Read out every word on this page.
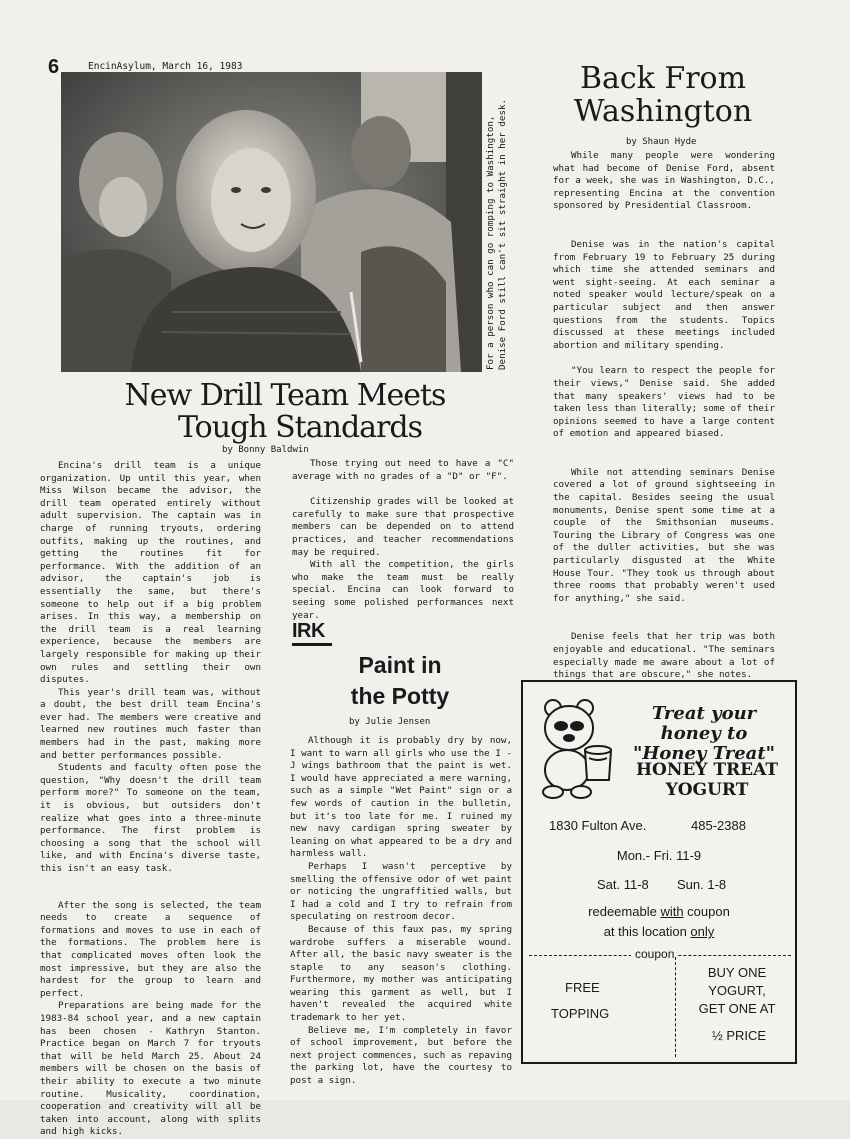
6	EncinAsylum, March 16, 1983
For a person who can go romping to Washington, Denise Ford still can't sit straight in her desk.
New Drill Team Meets
Tough Standards
by Bonny Baldwin

Encina's drill team is a unique organization. Up until this year, when Miss Wilson became the advisor, the drill team operated entirely without adult supervision. The captain was in charge of running tryouts, ordering outfits, making up the routines, and getting the routines fit for performance. With the addition of an advisor, the captain's job is essentially the same, but there's someone to help out if a big problem arises. In this way, a membership on the drill team is a real learning experience, because the members are largely responsible for making up their own rules and settling their own disputes.

This year's drill team was, without a doubt, the best drill team Encina's ever had. The members were creative and learned new routines much faster than members had in the past, making more and better performances possible.

Students and faculty often pose the question, "Why doesn't the drill team perform more?" To someone on the team, it is obvious, but outsiders don't realize what goes into a three-minute performance. The first problem is choosing a song that the school will like, and with Encina's diverse taste, this isn't an easy task.

After the song is selected, the team needs to create a sequence of formations and moves to use in each of the formations. The problem here is that complicated moves often look the most impressive, but they are also the hardest for the group to learn and perfect.

Preparations are being made for the 1983-84 school year, and a new captain has been chosen - Kathryn Stanton. Practice began on March 7 for tryouts that will be held March 25. About 24 members will be chosen on the basis of their ability to execute a two minute routine. Musicality, coordination, cooperation and creativity will all be taken into account, along with splits and high kicks.

Those trying out need to have a "C" average with no grades of a "D" or "F".

Citizenship grades will be looked at carefully to make sure that prospective members can be depended on to attend practices, and teacher recommendations may be required.

With all the competition, the girls who make the team must be really special. Encina can look forward to seeing some polished performances next year.

IRK
Paint in
the Potty
by Julie Jensen

Although it is probably dry by now, I want to warn all girls who use the I - J wings bathroom that the paint is wet. I would have appreciated a mere warning, such as a simple "Wet Paint" sign or a few words of caution in the bulletin, but it's too late for me. I ruined my new navy cardigan spring sweater by leaning on what appeared to be a dry and harmless wall.

Perhaps I wasn't perceptive by smelling the offensive odor of wet paint or noticing the ungraffitied walls, but I had a cold and I try to refrain from speculating on restroom decor.

Because of this faux pas, my spring wardrobe suffers a miserable wound. After all, the basic navy sweater is the staple to any season's clothing. Furthermore, my mother was anticipating wearing this garment as well, but I haven't revealed the acquired white trademark to her yet.

Believe me, I'm completely in favor of school improvement, but before the next project commences, such as repaving the parking lot, have the courtesy to post a sign.

Back From
Washington
by Shaun Hyde

While many people were wondering what had become of Denise Ford, absent for a week, she was in Washington, D.C., representing Encina at the convention sponsored by Presidential Classroom.

Denise was in the nation's capital from February 19 to February 25 during which time she attended seminars and went sight-seeing. At each seminar a noted speaker would lecture/speak on a particular subject and then answer questions from the students. Topics discussed at these meetings included abortion and military spending.

"You learn to respect the people for their views," Denise said. She added that many speakers' views had to be taken less than literally; some of their opinions seemed to have a large content of emotion and appeared biased.

While not attending seminars Denise covered a lot of ground sightseeing in the capital. Besides seeing the usual monuments, Denise spent some time at a couple of the Smithsonian museums. Touring the Library of Congress was one of the duller activities, but she was particularly disgusted at the White House Tour. "They took us through about three rooms that probably weren't used for anything," she said.

Denise feels that her trip was both enjoyable and educational. "The seminars especially made me aware about a lot of things that are obscure," she notes.

Treat your honey to
"Honey Treat"
HONEY TREAT
YOGURT
1830 Fulton Ave.	485-2388
Mon.- Fri. 11-9
Sat. 11-8 Sun. 1-8
redeemable with coupon
at this location only
coupon
FREE
TOPPING
BUY ONE
YOGURT,
GET ONE AT
½ PRICE
